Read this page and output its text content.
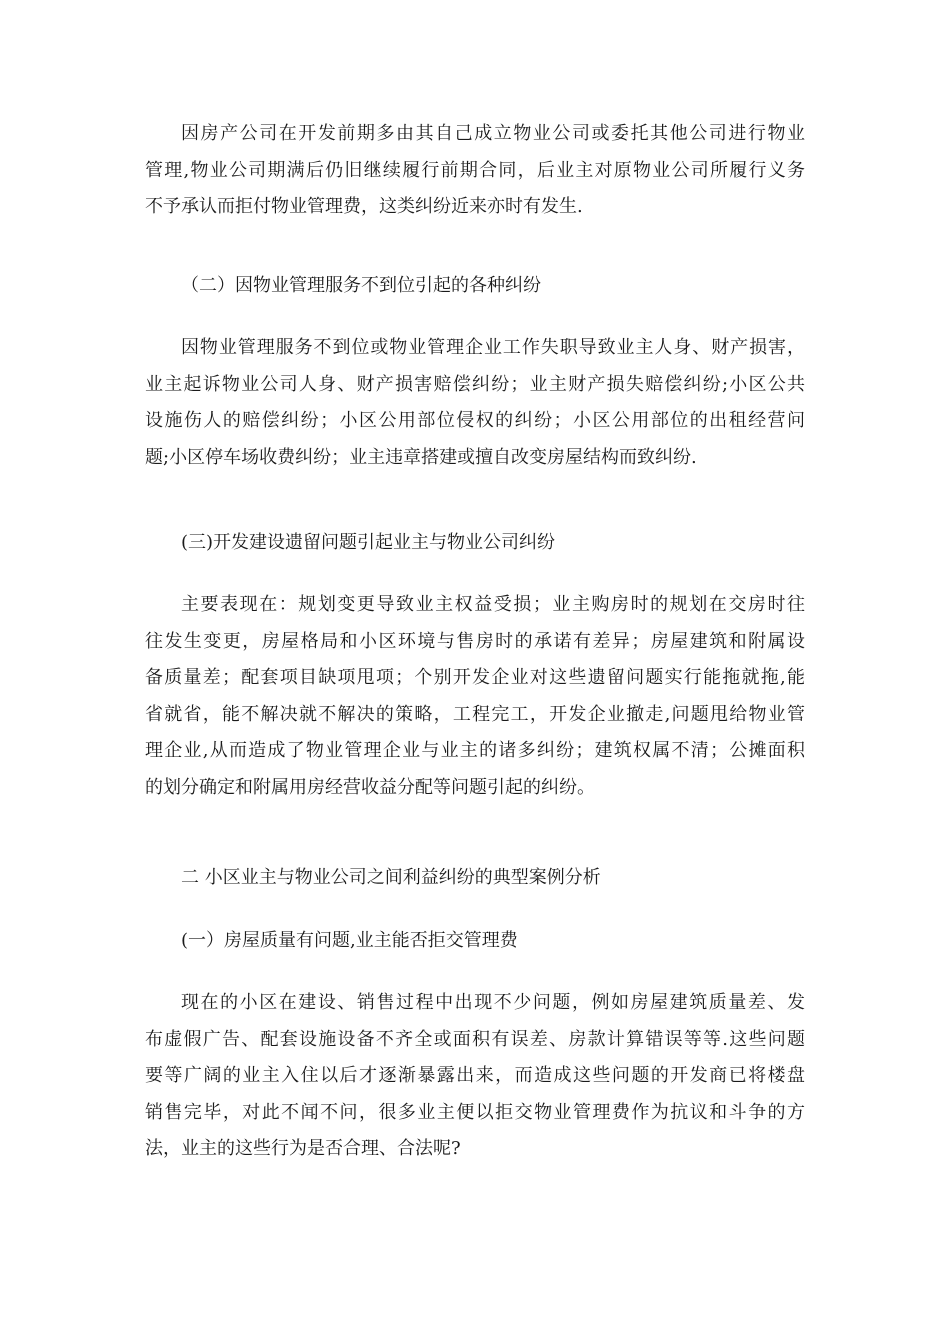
因房产公司在开发前期多由其自己成立物业公司或委托其他公司进行物业
管理,物业公司期满后仍旧继续履行前期合同，后业主对原物业公司所履行义务
不予承认而拒付物业管理费，这类纠纷近来亦时有发生.
（二）因物业管理服务不到位引起的各种纠纷
因物业管理服务不到位或物业管理企业工作失职导致业主人身、财产损害，
业主起诉物业公司人身、财产损害赔偿纠纷；业主财产损失赔偿纠纷;小区公共
设施伤人的赔偿纠纷；小区公用部位侵权的纠纷；小区公用部位的出租经营问
题;小区停车场收费纠纷；业主违章搭建或擅自改变房屋结构而致纠纷.
(三)开发建设遗留问题引起业主与物业公司纠纷
主要表现在：规划变更导致业主权益受损；业主购房时的规划在交房时往
往发生变更，房屋格局和小区环境与售房时的承诺有差异；房屋建筑和附属设
备质量差；配套项目缺项甩项；个别开发企业对这些遗留问题实行能拖就拖,能
省就省，能不解决就不解决的策略，工程完工，开发企业撤走,问题甩给物业管
理企业,从而造成了物业管理企业与业主的诸多纠纷；建筑权属不清；公摊面积
的划分确定和附属用房经营收益分配等问题引起的纠纷。
二 小区业主与物业公司之间利益纠纷的典型案例分析
(一）房屋质量有问题,业主能否拒交管理费
现在的小区在建设、销售过程中出现不少问题，例如房屋建筑质量差、发
布虚假广告、配套设施设备不齐全或面积有误差、房款计算错误等等.这些问题
要等广阔的业主入住以后才逐渐暴露出来，而造成这些问题的开发商已将楼盘
销售完毕，对此不闻不问，很多业主便以拒交物业管理费作为抗议和斗争的方
法，业主的这些行为是否合理、合法呢?
